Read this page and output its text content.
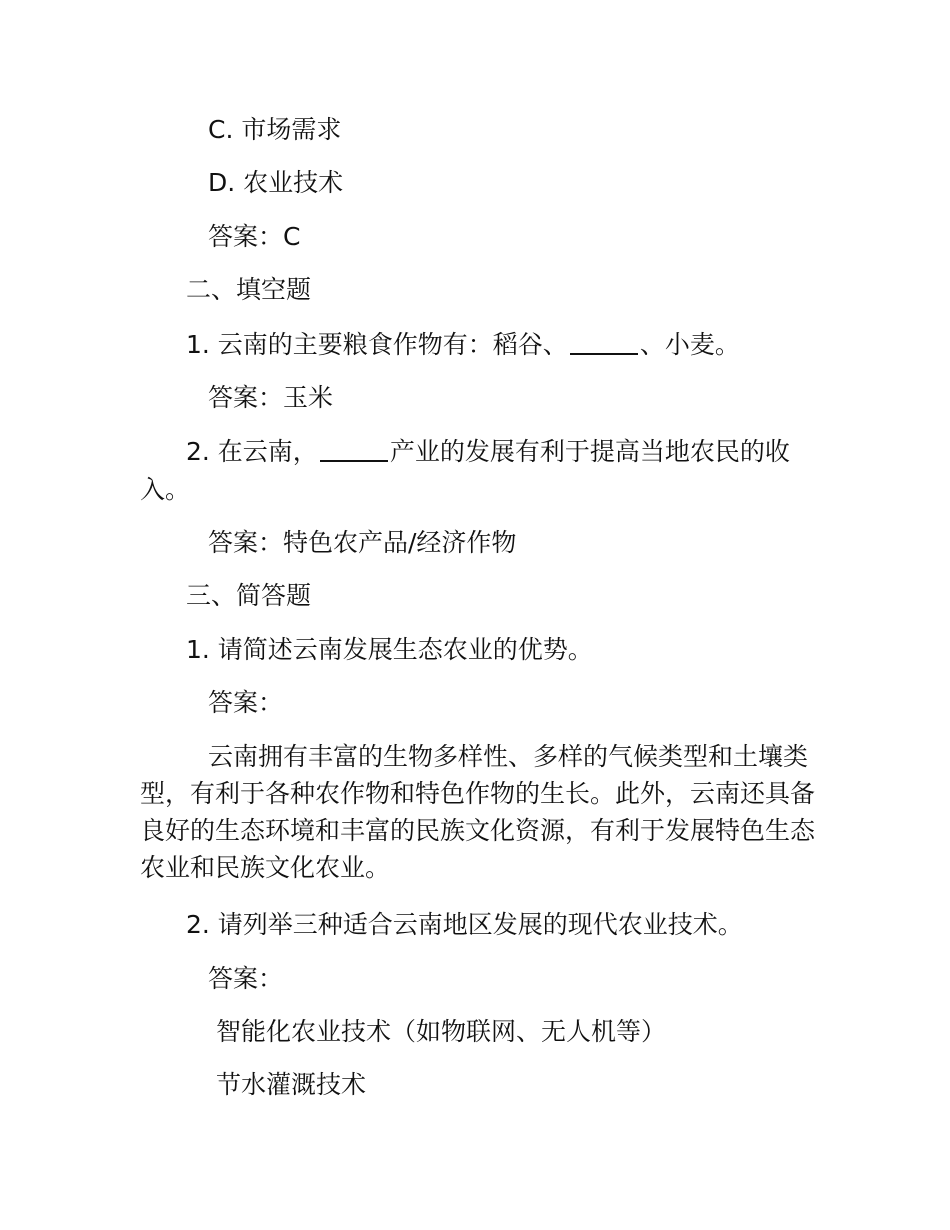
C. 市场需求
D. 农业技术
答案：C
二、填空题
1. 云南的主要粮食作物有：稻谷、	、小麦。
答案：玉米
2. 在云南，	产业的发展有利于提高当地农民的收
入。
答案：特色农产品/经济作物
三、简答题
1. 请简述云南发展生态农业的优势。
答案：
云南拥有丰富的生物多样性、多样的气候类型和土壤类型，有利于各种农作物和特色作物的生长。此外，云南还具备良好的生态环境和丰富的民族文化资源，有利于发展特色生态农业和民族文化农业。
2. 请列举三种适合云南地区发展的现代农业技术。
答案：
智能化农业技术（如物联网、无人机等）
节水灌溉技术
